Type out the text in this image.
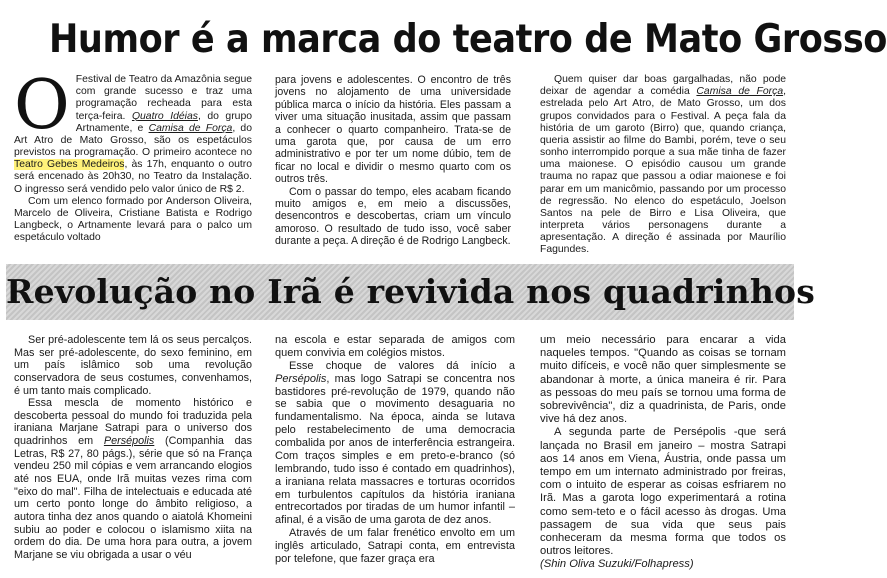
Humor é a marca do teatro de Mato Grosso

O Festival de Teatro da Amazônia segue com grande sucesso e traz uma programação recheada para esta terça-feira. Quatro Idéias, do grupo Artnamente, e Camisa de Força, do Art Atro de Mato Grosso, são os espetáculos previstos na programação. O primeiro acontece no Teatro Gebes Medeiros, às 17h, enquanto o outro será encenado às 20h30, no Teatro da Instalação. O ingresso será vendido pelo valor único de R$ 2.

Com um elenco formado por Anderson Oliveira, Marcelo de Oliveira, Cristiane Batista e Rodrigo Langbeck, o Artnamente levará para o palco um espetáculo voltado

para jovens e adolescentes. O encontro de três jovens no alojamento de uma universidade pública marca o início da história. Eles passam a viver uma situação inusitada, assim que passam a conhecer o quarto companheiro. Trata-se de uma garota que, por causa de um erro administrativo e por ter um nome dúbio, tem de ficar no local e dividir o mesmo quarto com os outros três.

Com o passar do tempo, eles acabam ficando muito amigos e, em meio a discussões, desencontros e descobertas, criam um vínculo amoroso. O resultado de tudo isso, você saber durante a peça. A direção é de Rodrigo Langbeck.

Quem quiser dar boas gargalhadas, não pode deixar de agendar a comédia Camisa de Força, estrelada pelo Art Atro, de Mato Grosso, um dos grupos convidados para o Festival. A peça fala da história de um garoto (Birro) que, quando criança, queria assistir ao filme do Bambi, porém, teve o seu sonho interrompido porque a sua mãe tinha de fazer uma maionese. O episódio causou um grande trauma no rapaz que passou a odiar maionese e foi parar em um manicômio, passando por um processo de regressão. No elenco do espetáculo, Joelson Santos na pele de Birro e Lisa Oliveira, que interpreta vários personagens durante a apresentação. A direção é assinada por Maurílio Fagundes.

Revolução no Irã é revivida nos quadrinhos

Ser pré-adolescente tem lá os seus percalços. Mas ser pré-adolescente, do sexo feminino, em um país islâmico sob uma revolução conservadora de seus costumes, convenhamos, é um tanto mais complicado.

Essa mescla de momento histórico e descoberta pessoal do mundo foi traduzida pela iraniana Marjane Satrapi para o universo dos quadrinhos em Persépolis (Companhia das Letras, R$ 27, 80 págs.), série que só na França vendeu 250 mil cópias e vem arrancando elogios até nos EUA, onde Irã muitas vezes rima com "eixo do mal". Filha de intelectuais e educada até um certo ponto longe do âmbito religioso, a autora tinha dez anos quando o aiatolá Khomeini subiu ao poder e colocou o islamismo xiita na ordem do dia. De uma hora para outra, a jovem Marjane se viu obrigada a usar o véu

na escola e estar separada de amigos com quem convivia em colégios mistos.

Esse choque de valores dá início a Persépolis, mas logo Satrapi se concentra nos bastidores pré-revolução de 1979, quando não se sabia que o movimento desaguaria no fundamentalismo. Na época, ainda se lutava pelo restabelecimento de uma democracia combalida por anos de interferência estrangeira. Com traços simples e em preto-e-branco (só lembrando, tudo isso é contado em quadrinhos), a iraniana relata massacres e torturas ocorridos em turbulentos capítulos da história iraniana entrecortados por tiradas de um humor infantil – afinal, é a visão de uma garota de dez anos.

Através de um falar frenético envolto em um inglês articulado, Satrapi conta, em entrevista por telefone, que fazer graça era

um meio necessário para encarar a vida naqueles tempos. "Quando as coisas se tornam muito difíceis, e você não quer simplesmente se abandonar à morte, a única maneira é rir. Para as pessoas do meu país se tornou uma forma de sobrevivência", diz a quadrinista, de Paris, onde vive há dez anos.

A segunda parte de Persépolis -que será lançada no Brasil em janeiro – mostra Satrapi aos 14 anos em Viena, Áustria, onde passa um tempo em um internato administrado por freiras, com o intuito de esperar as coisas esfriarem no Irã. Mas a garota logo experimentará a rotina como sem-teto e o fácil acesso às drogas. Uma passagem de sua vida que seus pais conheceram da mesma forma que todos os outros leitores.

(Shin Oliva Suzuki/Folhapress)
